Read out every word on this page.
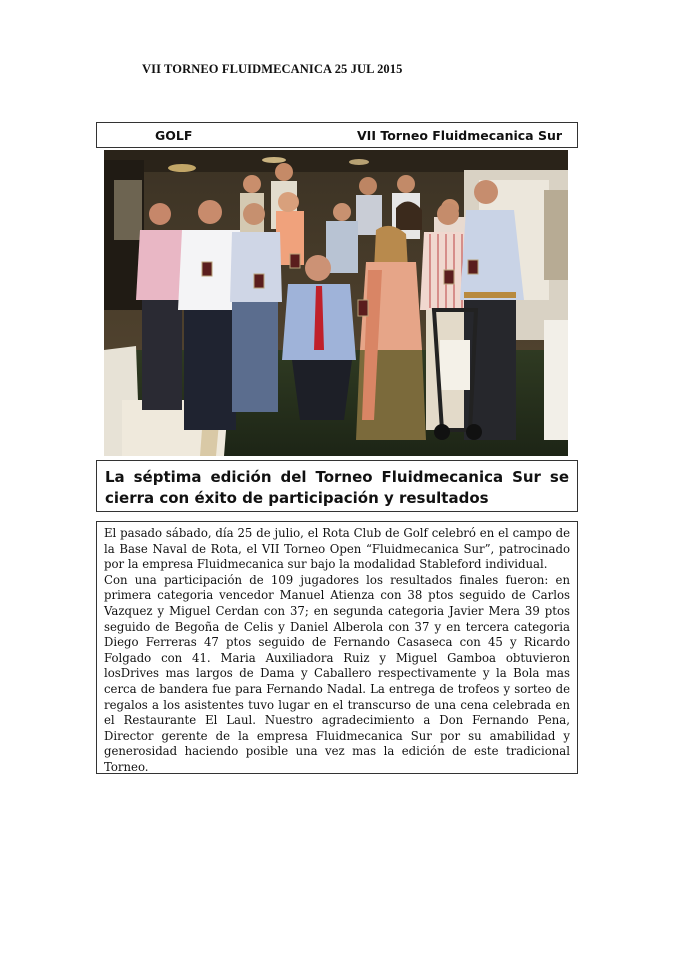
VII TORNEO FLUIDMECANICA 25 JUL 2015
GOLF	VII Torneo Fluidmecanica Sur
La séptima edición del Torneo Fluidmecanica Sur se cierra con éxito de participación y resultados

El pasado sábado, día 25 de julio, el Rota Club de Golf celebró en el campo de la Base Naval de Rota, el VII Torneo Open “Fluidmecanica Sur”, patrocinado por la empresa Fluidmecanica sur bajo la modalidad Stableford individual.

Con una participación de 109 jugadores los resultados finales fueron: en primera categoria vencedor Manuel Atienza con 38 ptos seguido de Carlos Vazquez y Miguel Cerdan con 37; en segunda categoria Javier Mera 39 ptos seguido de Begoña de Celis y Daniel Alberola con 37 y en tercera categoria Diego Ferreras 47 ptos seguido de Fernando Casaseca con 45 y Ricardo Folgado con 41. Maria Auxiliadora Ruiz y Miguel Gamboa obtuvieron losDrives mas largos de Dama y Caballero respectivamente y la Bola mas cerca de bandera fue para Fernando Nadal. La entrega de trofeos y sorteo de regalos a los asistentes tuvo lugar en el transcurso de una cena celebrada en el Restaurante El Laul. Nuestro agradecimiento a Don Fernando Pena, Director gerente de la empresa Fluidmecanica Sur por su amabilidad y generosidad haciendo posible una vez mas la edición de este tradicional Torneo.
